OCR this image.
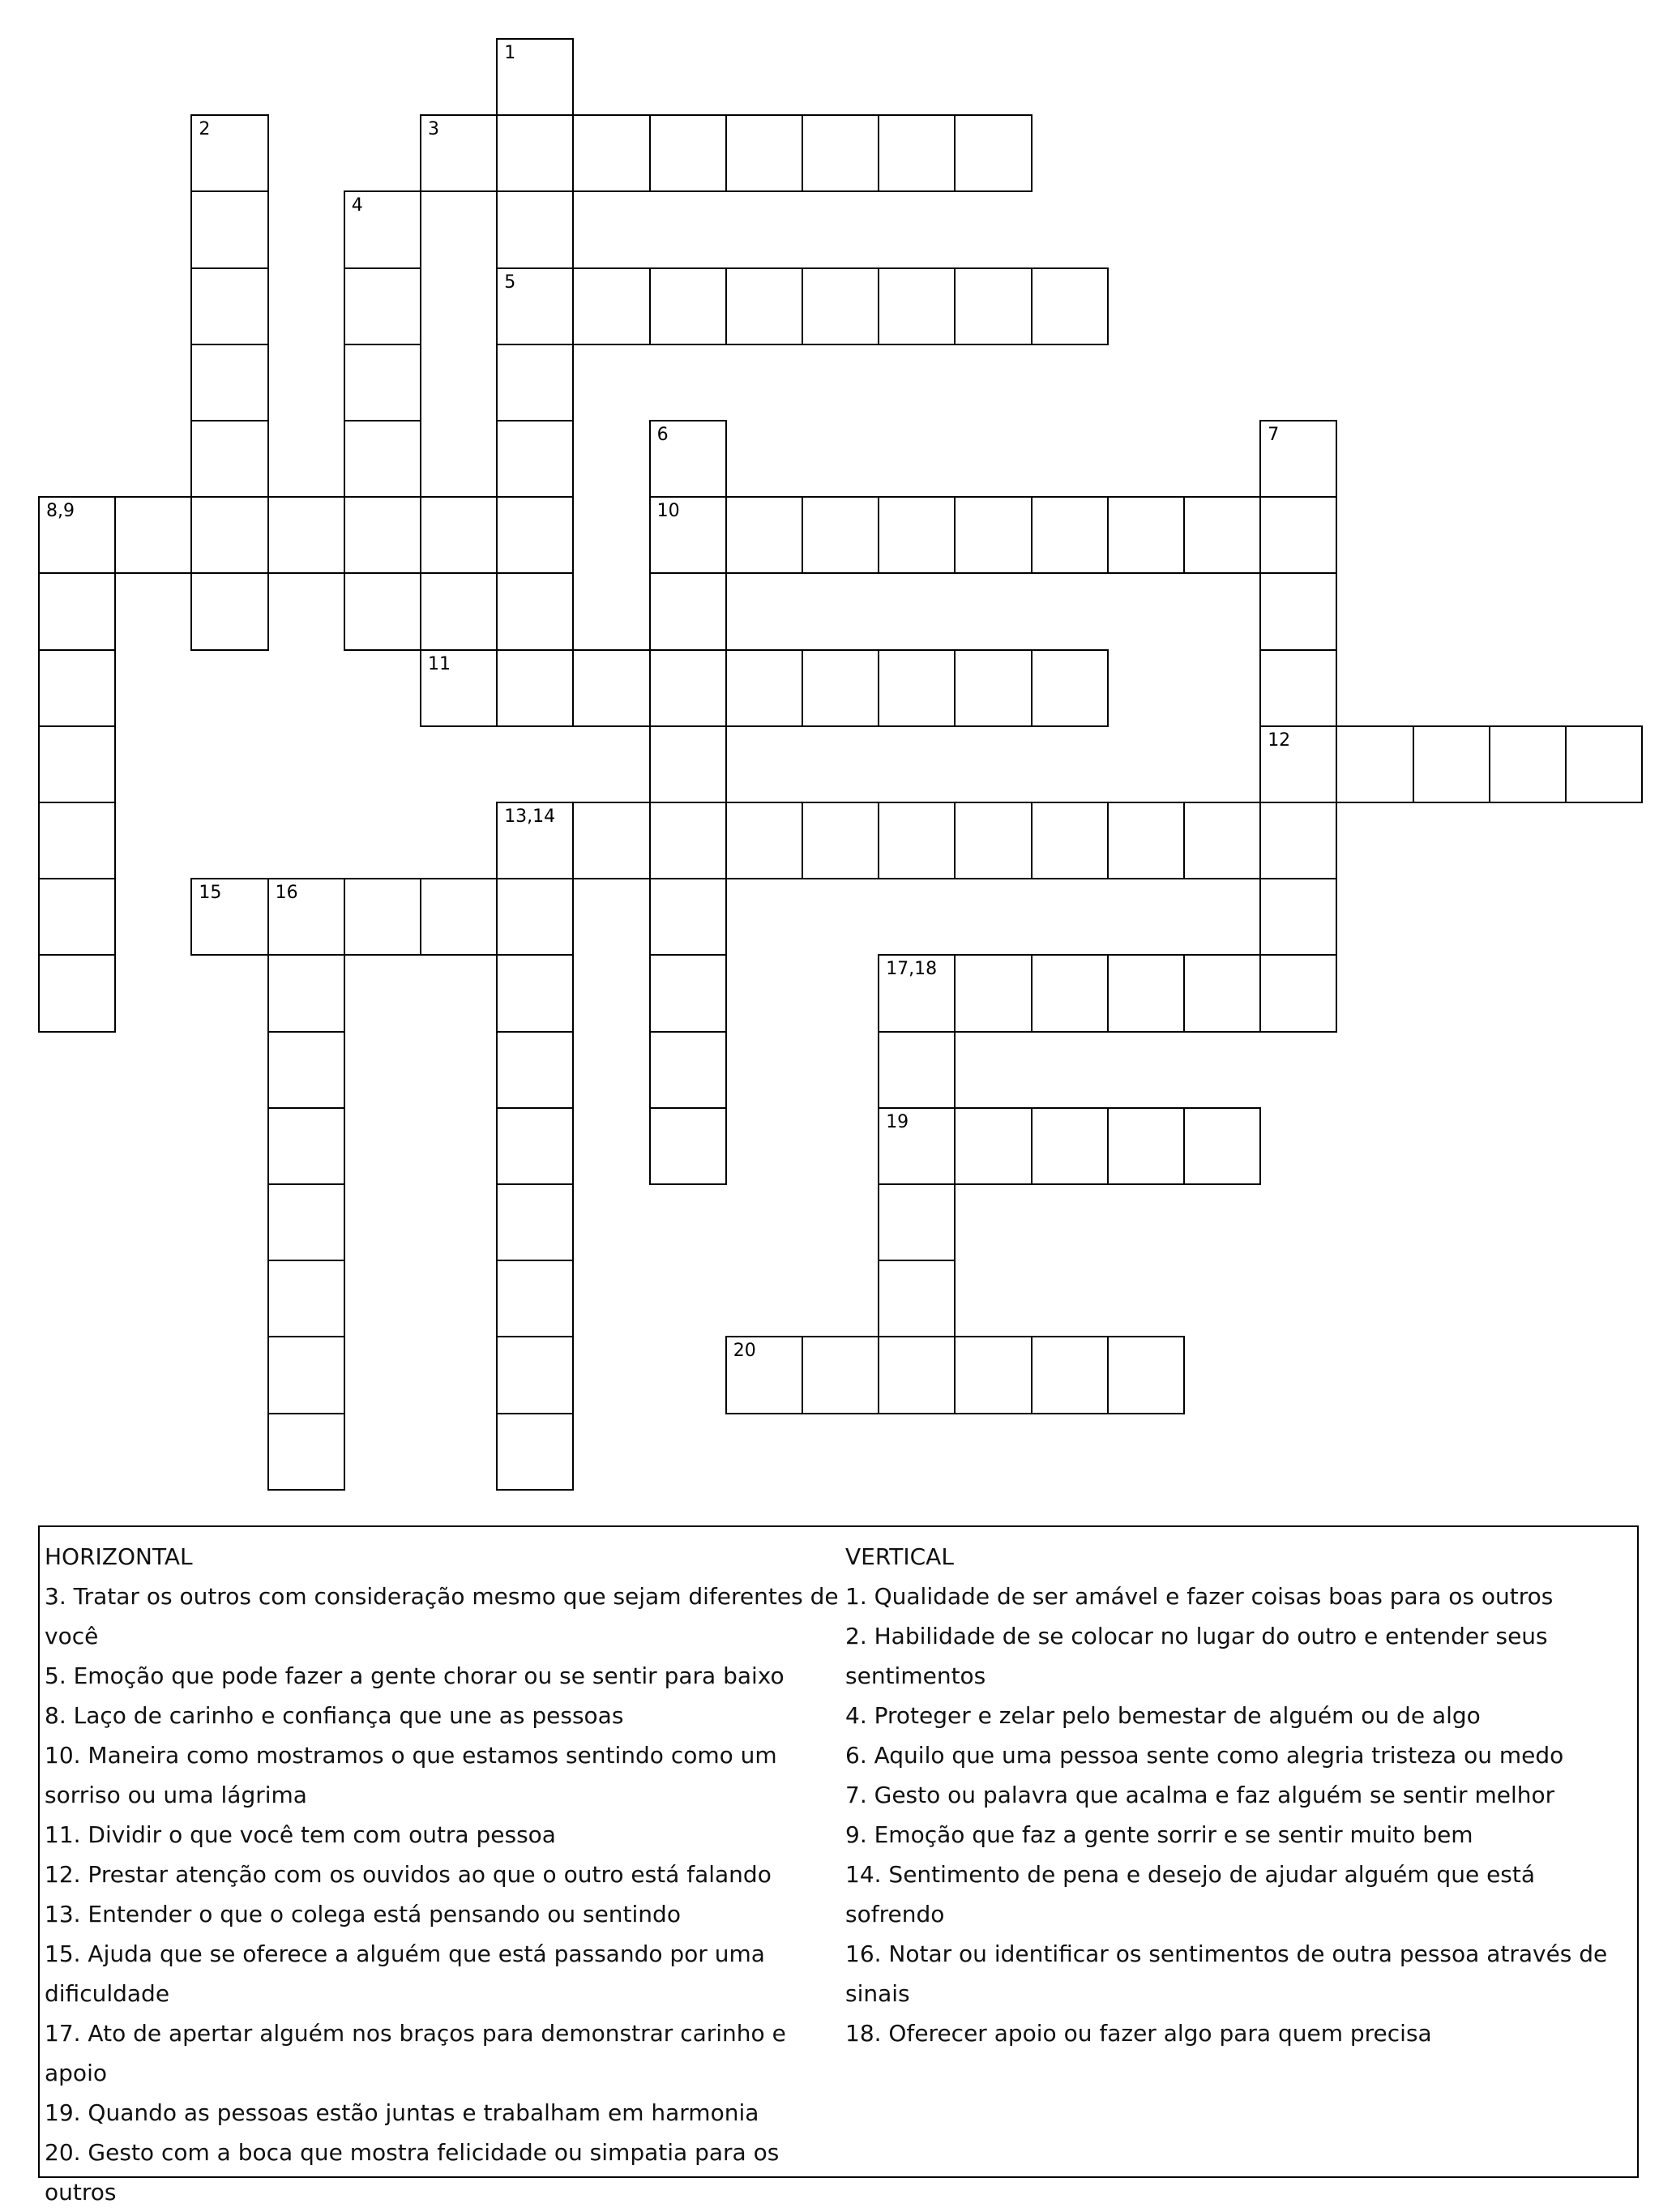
1
5
2	3
4
6
10
7
12
8,9
11
13,14
15	16
17,18
19
20
HORIZONTAL
3. Tratar os outros com consideração mesmo que sejam diferentes de você
5. Emoção que pode fazer a gente chorar ou se sentir para baixo
8. Laço de carinho e confiança que une as pessoas
10. Maneira como mostramos o que estamos sentindo como um sorriso ou uma lágrima
11. Dividir o que você tem com outra pessoa
12. Prestar atenção com os ouvidos ao que o outro está falando
13. Entender o que o colega está pensando ou sentindo
15. Ajuda que se oferece a alguém que está passando por uma dificuldade
17. Ato de apertar alguém nos braços para demonstrar carinho e apoio
19. Quando as pessoas estão juntas e trabalham em harmonia
20. Gesto com a boca que mostra felicidade ou simpatia para os outros
VERTICAL
1. Qualidade de ser amável e fazer coisas boas para os outros
2. Habilidade de se colocar no lugar do outro e entender seus sentimentos
4. Proteger e zelar pelo bemestar de alguém ou de algo
6. Aquilo que uma pessoa sente como alegria tristeza ou medo
7. Gesto ou palavra que acalma e faz alguém se sentir melhor
9. Emoção que faz a gente sorrir e se sentir muito bem
14. Sentimento de pena e desejo de ajudar alguém que está sofrendo
16. Notar ou identificar os sentimentos de outra pessoa através de sinais
18. Oferecer apoio ou fazer algo para quem precisa
